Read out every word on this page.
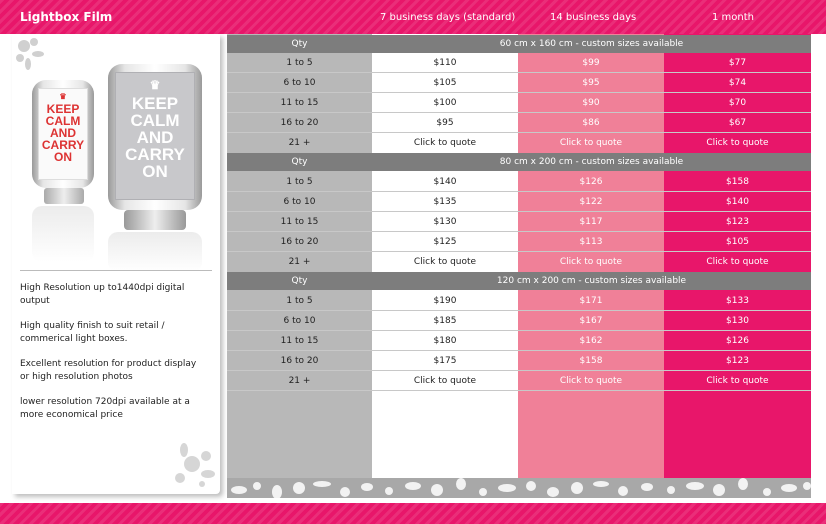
Lightbox Film	7 business days (standard)	14 business days	1 month
♛
KEEP CALM AND CARRY ON
♛
KEEP CALM AND CARRY ON

High Resolution up to1440dpi digital output

High quality finish to suit retail / commerical light boxes.

Excellent resolution for product display or high resolution photos

lower resolution 720dpi available at a more economical price

Qty	60 cm x 160 cm - custom sizes available
1 to 5	$110	$99	$77
6 to 10	$105	$95	$74
11 to 15	$100	$90	$70
16 to 20	$95	$86	$67
21 +	Click to quote	Click to quote	Click to quote
Qty	80 cm x 200 cm - custom sizes available
1 to 5	$140	$126	$158
6 to 10	$135	$122	$140
11 to 15	$130	$117	$123
16 to 20	$125	$113	$105
21 +	Click to quote	Click to quote	Click to quote
Qty	120 cm x 200 cm - custom sizes available
1 to 5	$190	$171	$133
6 to 10	$185	$167	$130
11 to 15	$180	$162	$126
16 to 20	$175	$158	$123
21 +	Click to quote	Click to quote	Click to quote
